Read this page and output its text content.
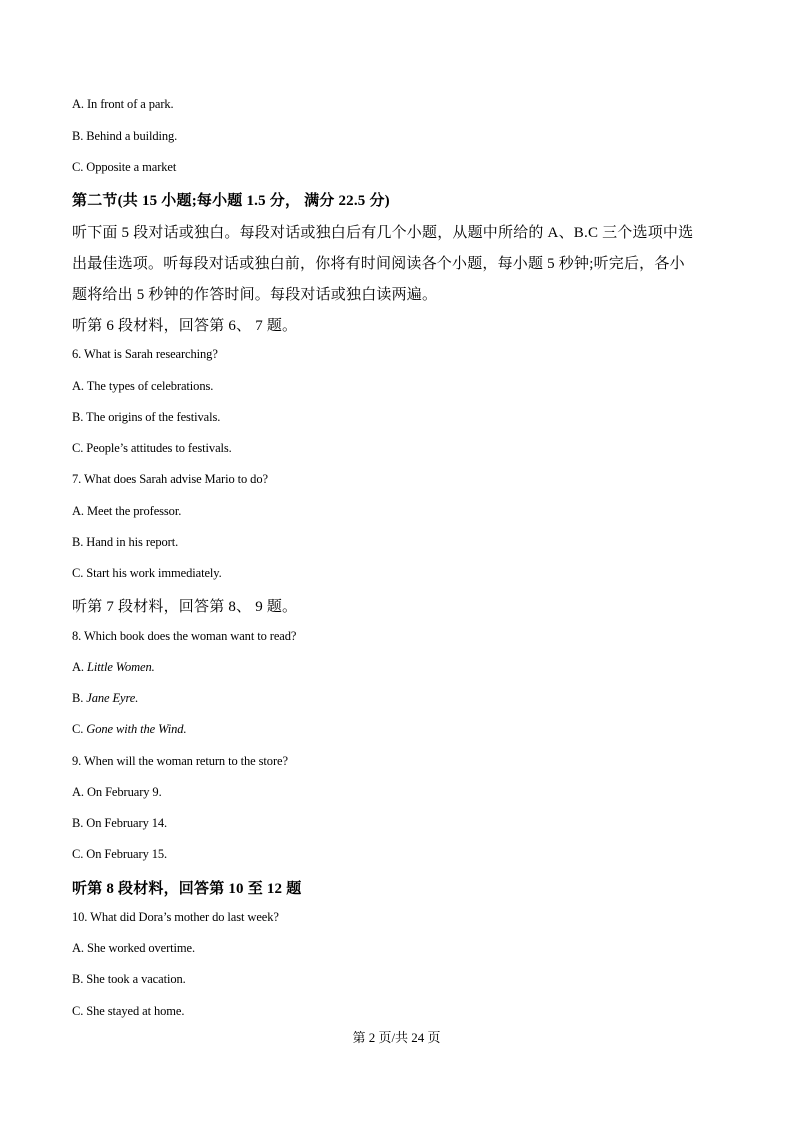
A. In front of a park.
B. Behind a building.
C. Opposite a market
第二节(共 15 小题;每小题 1.5 分， 满分 22.5 分)
听下面 5 段对话或独白。每段对话或独白后有几个小题，从题中所给的 A、B.C 三个选项中选
出最佳选项。听每段对话或独白前，你将有时间阅读各个小题，每小题 5 秒钟;听完后，各小
题将给出 5 秒钟的作答时间。每段对话或独白读两遍。
听第 6 段材料，回答第 6、 7 题。
6. What is Sarah researching?
A. The types of celebrations.
B. The origins of the festivals.
C. People’s attitudes to festivals.
7. What does Sarah advise Mario to do?
A. Meet the professor.
B. Hand in his report.
C. Start his work immediately.
听第 7 段材料，回答第 8、 9 题。
8. Which book does the woman want to read?
A. Little Women.
B. Jane Eyre.
C. Gone with the Wind.
9. When will the woman return to the store?
A. On February 9.
B. On February 14.
C. On February 15.
听第 8 段材料，回答第 10 至 12 题
10. What did Dora’s mother do last week?
A. She worked overtime.
B. She took a vacation.
C. She stayed at home.
第 2 页/共 24 页
